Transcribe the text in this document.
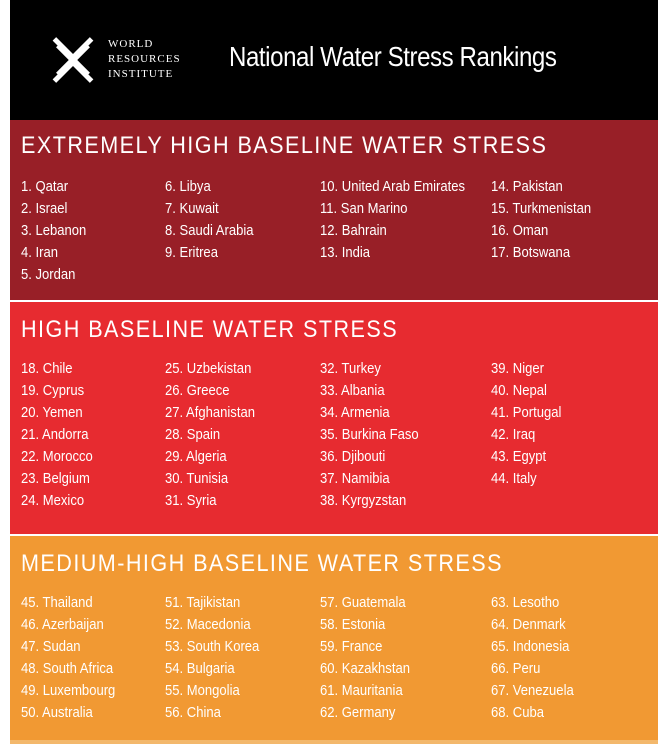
WORLD
RESOURCES
INSTITUTE
National Water Stress Rankings
EXTREMELY HIGH BASELINE WATER STRESS
1. Qatar
2. Israel
3. Lebanon
4. Iran
5. Jordan
6. Libya
7. Kuwait
8. Saudi Arabia
9. Eritrea
10. United Arab Emirates
11. San Marino
12. Bahrain
13. India
14. Pakistan
15. Turkmenistan
16. Oman
17. Botswana
HIGH BASELINE WATER STRESS
18. Chile
19. Cyprus
20. Yemen
21. Andorra
22. Morocco
23. Belgium
24. Mexico
25. Uzbekistan
26. Greece
27. Afghanistan
28. Spain
29. Algeria
30. Tunisia
31. Syria
32. Turkey
33. Albania
34. Armenia
35. Burkina Faso
36. Djibouti
37. Namibia
38. Kyrgyzstan
39. Niger
40. Nepal
41. Portugal
42. Iraq
43. Egypt
44. Italy
MEDIUM-HIGH BASELINE WATER STRESS
45. Thailand
46. Azerbaijan
47. Sudan
48. South Africa
49. Luxembourg
50. Australia
51. Tajikistan
52. Macedonia
53. South Korea
54. Bulgaria
55. Mongolia
56. China
57. Guatemala
58. Estonia
59. France
60. Kazakhstan
61. Mauritania
62. Germany
63. Lesotho
64. Denmark
65. Indonesia
66. Peru
67. Venezuela
68. Cuba
